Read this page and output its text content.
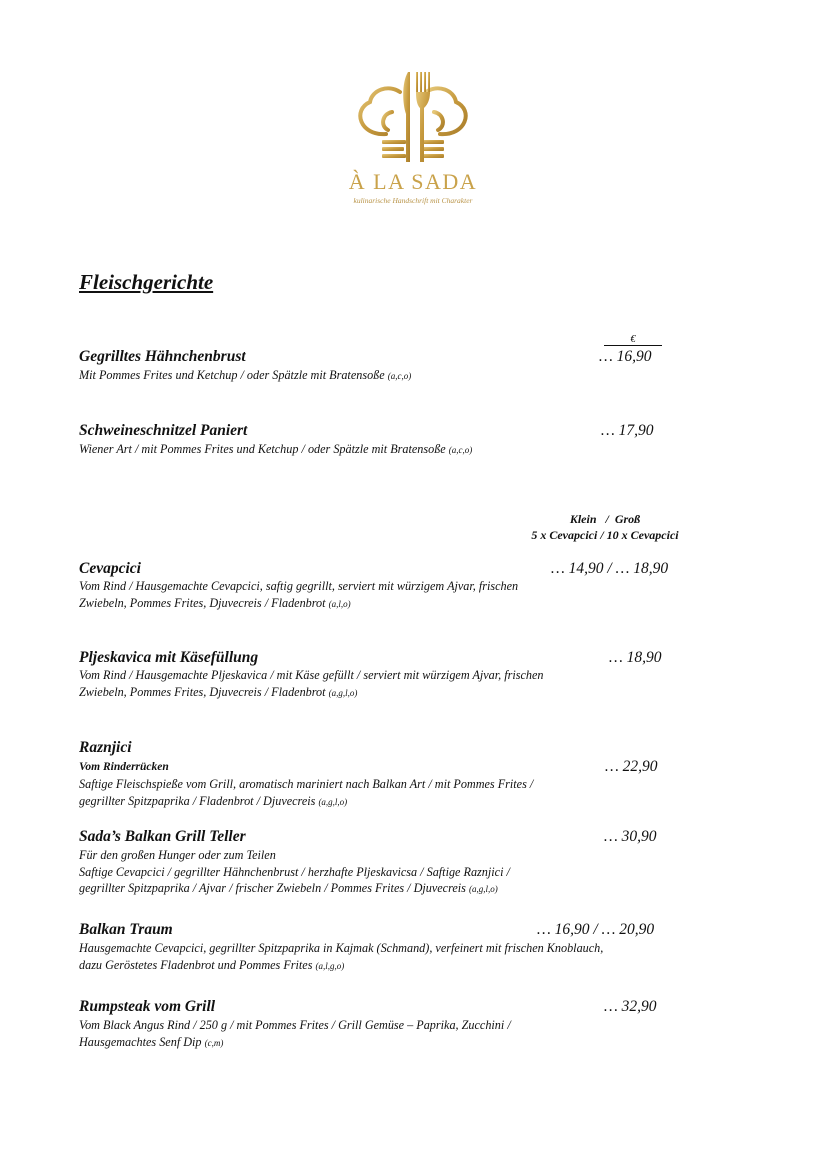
À LA SADA
kulinarische Handschrift mit Charakter
Fleischgerichte
€
Gegrilltes Hähnchenbrust	… 16,90
Mit Pommes Frites und Ketchup / oder Spätzle mit Bratensoße (a,c,o)
Schweineschnitzel Paniert	… 17,90
Wiener Art / mit Pommes Frites und Ketchup / oder Spätzle mit Bratensoße (a,c,o)
Klein   /  Groß
5 x Cevapcici / 10 x Cevapcici
Cevapcici	… 14,90 / … 18,90
Vom Rind / Hausgemachte Cevapcici, saftig gegrillt, serviert mit würzigem Ajvar, frischen
Zwiebeln, Pommes Frites, Djuvecreis / Fladenbrot (a,l,o)
Pljeskavica mit Käsefüllung	… 18,90
Vom Rind / Hausgemachte Pljeskavica / mit Käse gefüllt / serviert mit würzigem Ajvar, frischen
Zwiebeln, Pommes Frites, Djuvecreis / Fladenbrot (a,g,l,o)
Raznjici
Vom Rinderrücken	… 22,90
Saftige Fleischspieße vom Grill, aromatisch mariniert nach Balkan Art / mit Pommes Frites /
gegrillter Spitzpaprika / Fladenbrot / Djuvecreis (a,g,l,o)
Sada’s Balkan Grill Teller	… 30,90
Für den großen Hunger oder zum Teilen
Saftige Cevapcici / gegrillter Hähnchenbrust / herzhafte Pljeskavicsa / Saftige Raznjici /
gegrillter Spitzpaprika / Ajvar / frischer Zwiebeln / Pommes Frites / Djuvecreis (a,g,l,o)
Balkan Traum	… 16,90 / … 20,90
Hausgemachte Cevapcici, gegrillter Spitzpaprika in Kajmak (Schmand), verfeinert mit frischen Knoblauch,
dazu Geröstetes Fladenbrot und Pommes Frites (a,l,g,o)
Rumpsteak vom Grill	… 32,90
Vom Black Angus Rind / 250 g / mit Pommes Frites / Grill Gemüse – Paprika, Zucchini /
Hausgemachtes Senf Dip (c,m)
